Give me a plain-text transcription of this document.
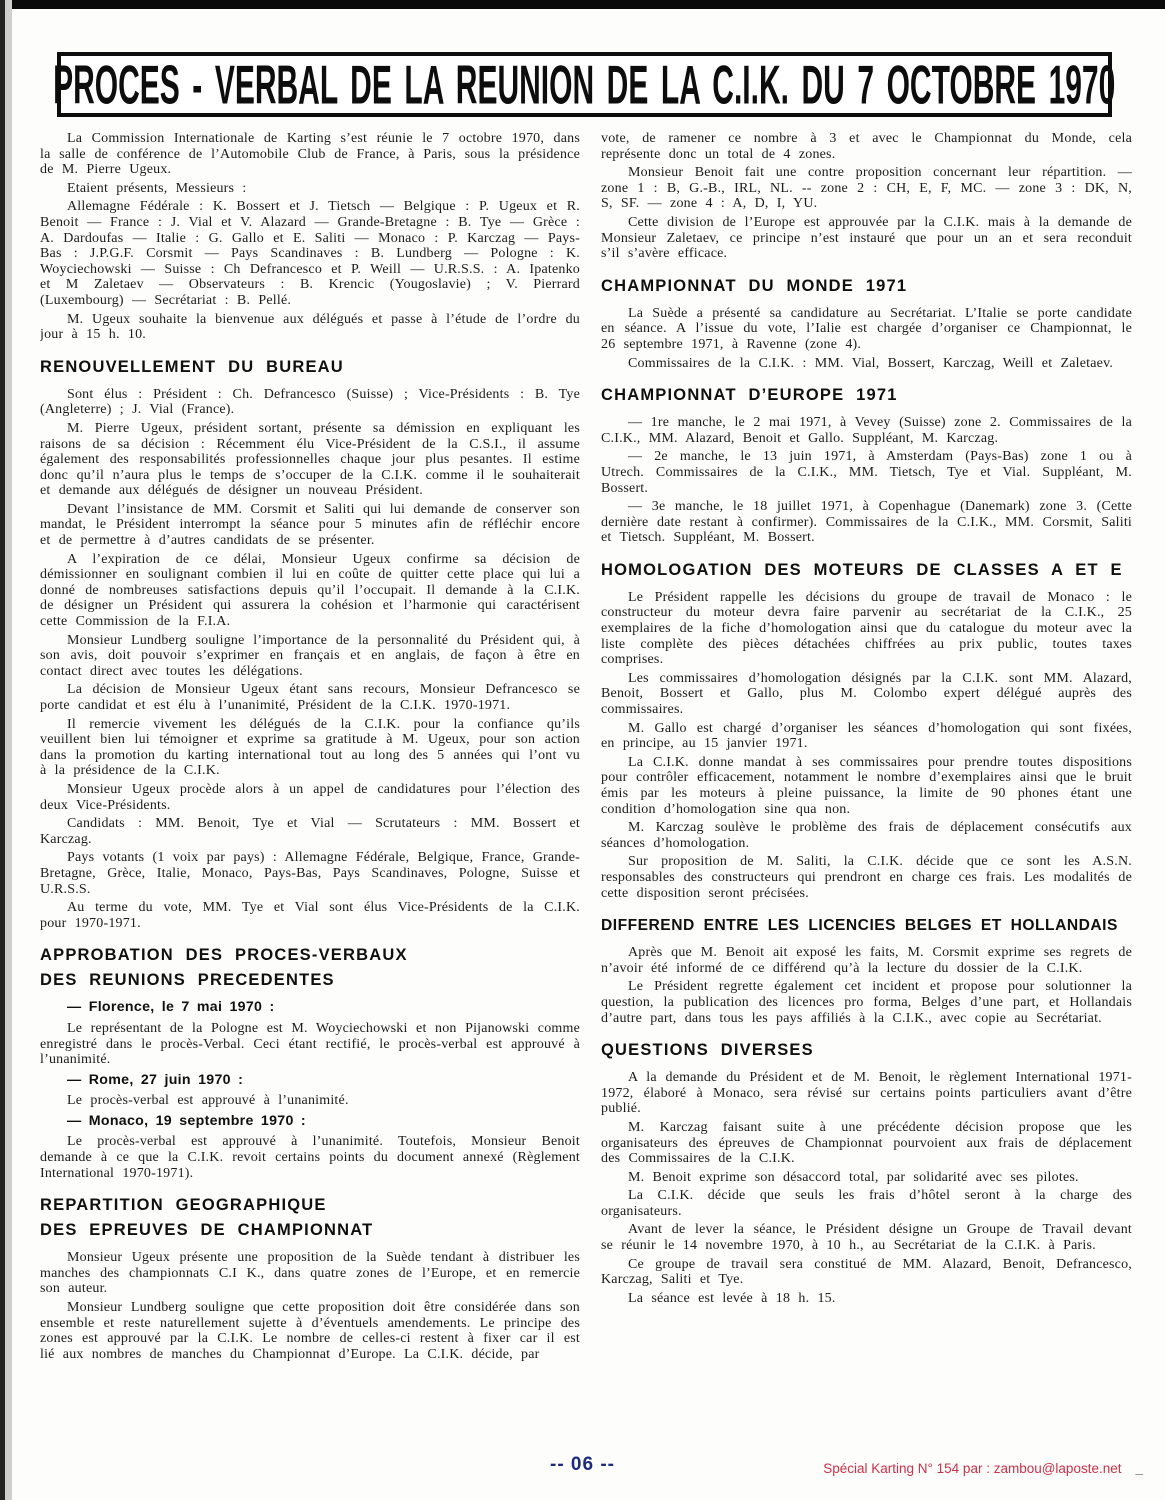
PROCES - VERBAL DE LA REUNION DE LA C.I.K. DU 7 OCTOBRE 1970

La Commission Internationale de Karting s’est réunie le 7 octobre 1970, dans la salle de conférence de l’Automobile Club de France, à Paris, sous la présidence de M. Pierre Ugeux.

Etaient présents, Messieurs :

Allemagne Fédérale : K. Bossert et J. Tietsch — Belgique : P. Ugeux et R. Benoit — France : J. Vial et V. Alazard — Grande-Bretagne : B. Tye — Grèce : A. Dardoufas — Italie : G. Gallo et E. Saliti — Monaco : P. Karczag — Pays-Bas : J.P.G.F. Corsmit — Pays Scandinaves : B. Lundberg — Pologne : K. Woyciechowski — Suisse : Ch Defrancesco et P. Weill — U.R.S.S. : A. Ipatenko et M Zaletaev — Observateurs : B. Krencic (Yougoslavie) ; V. Pierrard (Luxembourg) — Secrétariat : B. Pellé.

M. Ugeux souhaite la bienvenue aux délégués et passe à l’étude de l’ordre du jour à 15 h. 10.

RENOUVELLEMENT DU BUREAU

Sont élus : Président : Ch. Defrancesco (Suisse) ; Vice-Présidents : B. Tye (Angleterre) ; J. Vial (France).

M. Pierre Ugeux, président sortant, présente sa démission en expliquant les raisons de sa décision : Récemment élu Vice-Président de la C.S.I., il assume également des responsabilités professionnelles chaque jour plus pesantes. Il estime donc qu’il n’aura plus le temps de s’occuper de la C.I.K. comme il le souhaiterait et demande aux délégués de désigner un nouveau Président.

Devant l’insistance de MM. Corsmit et Saliti qui lui demande de conserver son mandat, le Président interrompt la séance pour 5 minutes afin de réfléchir encore et de permettre à d’autres candidats de se présenter.

A l’expiration de ce délai, Monsieur Ugeux confirme sa décision de démissionner en soulignant combien il lui en coûte de quitter cette place qui lui a donné de nombreuses satisfactions depuis qu’il l’occupait. Il demande à la C.I.K. de désigner un Président qui assurera la cohésion et l’harmonie qui caractérisent cette Commission de la F.I.A.

Monsieur Lundberg souligne l’importance de la personnalité du Président qui, à son avis, doit pouvoir s’exprimer en français et en anglais, de façon à être en contact direct avec toutes les délégations.

La décision de Monsieur Ugeux étant sans recours, Monsieur Defrancesco se porte candidat et est élu à l’unanimité, Président de la C.I.K. 1970-1971.

Il remercie vivement les délégués de la C.I.K. pour la confiance qu’ils veuillent bien lui témoigner et exprime sa gratitude à M. Ugeux, pour son action dans la promotion du karting international tout au long des 5 années qui l’ont vu à la présidence de la C.I.K.

Monsieur Ugeux procède alors à un appel de candidatures pour l’élection des deux Vice-Présidents.

Candidats : MM. Benoit, Tye et Vial — Scrutateurs : MM. Bossert et Karczag.

Pays votants (1 voix par pays) : Allemagne Fédérale, Belgique, France, Grande-Bretagne, Grèce, Italie, Monaco, Pays-Bas, Pays Scandinaves, Pologne, Suisse et U.R.S.S.

Au terme du vote, MM. Tye et Vial sont élus Vice-Présidents de la C.I.K. pour 1970-1971.

APPROBATION DES PROCES-VERBAUX
DES REUNIONS PRECEDENTES

— Florence, le 7 mai 1970 :

Le représentant de la Pologne est M. Woyciechowski et non Pijanowski comme enregistré dans le procès-Verbal. Ceci étant rectifié, le procès-verbal est approuvé à l’unanimité.

— Rome, 27 juin 1970 :

Le procès-verbal est approuvé à l’unanimité.

— Monaco, 19 septembre 1970 :

Le procès-verbal est approuvé à l’unanimité. Toutefois, Monsieur Benoit demande à ce que la C.I.K. revoit certains points du document annexé (Règlement International 1970-1971).

REPARTITION GEOGRAPHIQUE
DES EPREUVES DE CHAMPIONNAT

Monsieur Ugeux présente une proposition de la Suède tendant à distribuer les manches des championnats C.I K., dans quatre zones de l’Europe, et en remercie son auteur.

Monsieur Lundberg souligne que cette proposition doit être considérée dans son ensemble et reste naturellement sujette à d’éventuels amendements. Le principe des zones est approuvé par la C.I.K. Le nombre de celles-ci restent à fixer car il est lié aux nombres de manches du Championnat d’Europe. La C.I.K. décide, par

vote, de ramener ce nombre à 3 et avec le Championnat du Monde, cela représente donc un total de 4 zones.

Monsieur Benoit fait une contre proposition concernant leur répartition. — zone 1 : B, G.-B., IRL, NL. -- zone 2 : CH, E, F, MC. — zone 3 : DK, N, S, SF. — zone 4 : A, D, I, YU.

Cette division de l’Europe est approuvée par la C.I.K. mais à la demande de Monsieur Zaletaev, ce principe n’est instauré que pour un an et sera reconduit s’il s’avère efficace.

CHAMPIONNAT DU MONDE 1971

La Suède a présenté sa candidature au Secrétariat. L’Italie se porte candidate en séance. A l’issue du vote, l’Ialie est chargée d’organiser ce Championnat, le 26 septembre 1971, à Ravenne (zone 4).

Commissaires de la C.I.K. : MM. Vial, Bossert, Karczag, Weill et Zaletaev.

CHAMPIONNAT D’EUROPE 1971

— 1re manche, le 2 mai 1971, à Vevey (Suisse) zone 2. Commissaires de la C.I.K., MM. Alazard, Benoit et Gallo. Suppléant, M. Karczag.

— 2e manche, le 13 juin 1971, à Amsterdam (Pays-Bas) zone 1 ou à Utrech. Commissaires de la C.I.K., MM. Tietsch, Tye et Vial. Suppléant, M. Bossert.

— 3e manche, le 18 juillet 1971, à Copenhague (Danemark) zone 3. (Cette dernière date restant à confirmer). Commissaires de la C.I.K., MM. Corsmit, Saliti et Tietsch. Suppléant, M. Bossert.

HOMOLOGATION DES MOTEURS DE CLASSES A ET E

Le Président rappelle les décisions du groupe de travail de Monaco : le constructeur du moteur devra faire parvenir au secrétariat de la C.I.K., 25 exemplaires de la fiche d’homologation ainsi que du catalogue du moteur avec la liste complète des pièces détachées chiffrées au prix public, toutes taxes comprises.

Les commissaires d’homologation désignés par la C.I.K. sont MM. Alazard, Benoit, Bossert et Gallo, plus M. Colombo expert délégué auprès des commissaires.

M. Gallo est chargé d’organiser les séances d’homologation qui sont fixées, en principe, au 15 janvier 1971.

La C.I.K. donne mandat à ses commissaires pour prendre toutes dispositions pour contrôler efficacement, notamment le nombre d’exemplaires ainsi que le bruit émis par les moteurs à pleine puissance, la limite de 90 phones étant une condition d’homologation sine qua non.

M. Karczag soulève le problème des frais de déplacement consécutifs aux séances d’homologation.

Sur proposition de M. Saliti, la C.I.K. décide que ce sont les A.S.N. responsables des constructeurs qui prendront en charge ces frais. Les modalités de cette disposition seront précisées.

DIFFEREND ENTRE LES LICENCIES BELGES ET HOLLANDAIS

Après que M. Benoit ait exposé les faits, M. Corsmit exprime ses regrets de n’avoir été informé de ce différend qu’à la lecture du dossier de la C.I.K.

Le Président regrette également cet incident et propose pour solutionner la question, la publication des licences pro forma, Belges d’une part, et Hollandais d’autre part, dans tous les pays affiliés à la C.I.K., avec copie au Secrétariat.

QUESTIONS DIVERSES

A la demande du Président et de M. Benoit, le règlement International 1971-1972, élaboré à Monaco, sera révisé sur certains points particuliers avant d’être publié.

M. Karczag faisant suite à une précédente décision propose que les organisateurs des épreuves de Championnat pourvoient aux frais de déplacement des Commissaires de la C.I.K.

M. Benoit exprime son désaccord total, par solidarité avec ses pilotes.

La C.I.K. décide que seuls les frais d’hôtel seront à la charge des organisateurs.

Avant de lever la séance, le Président désigne un Groupe de Travail devant se réunir le 14 novembre 1970, à 10 h., au Secrétariat de la C.I.K. à Paris.

Ce groupe de travail sera constitué de MM. Alazard, Benoit, Defrancesco, Karczag, Saliti et Tye.

La séance est levée à 18 h. 15.

-- 06 --	Spécial Karting N° 154 par : zambou@laposte.net _
